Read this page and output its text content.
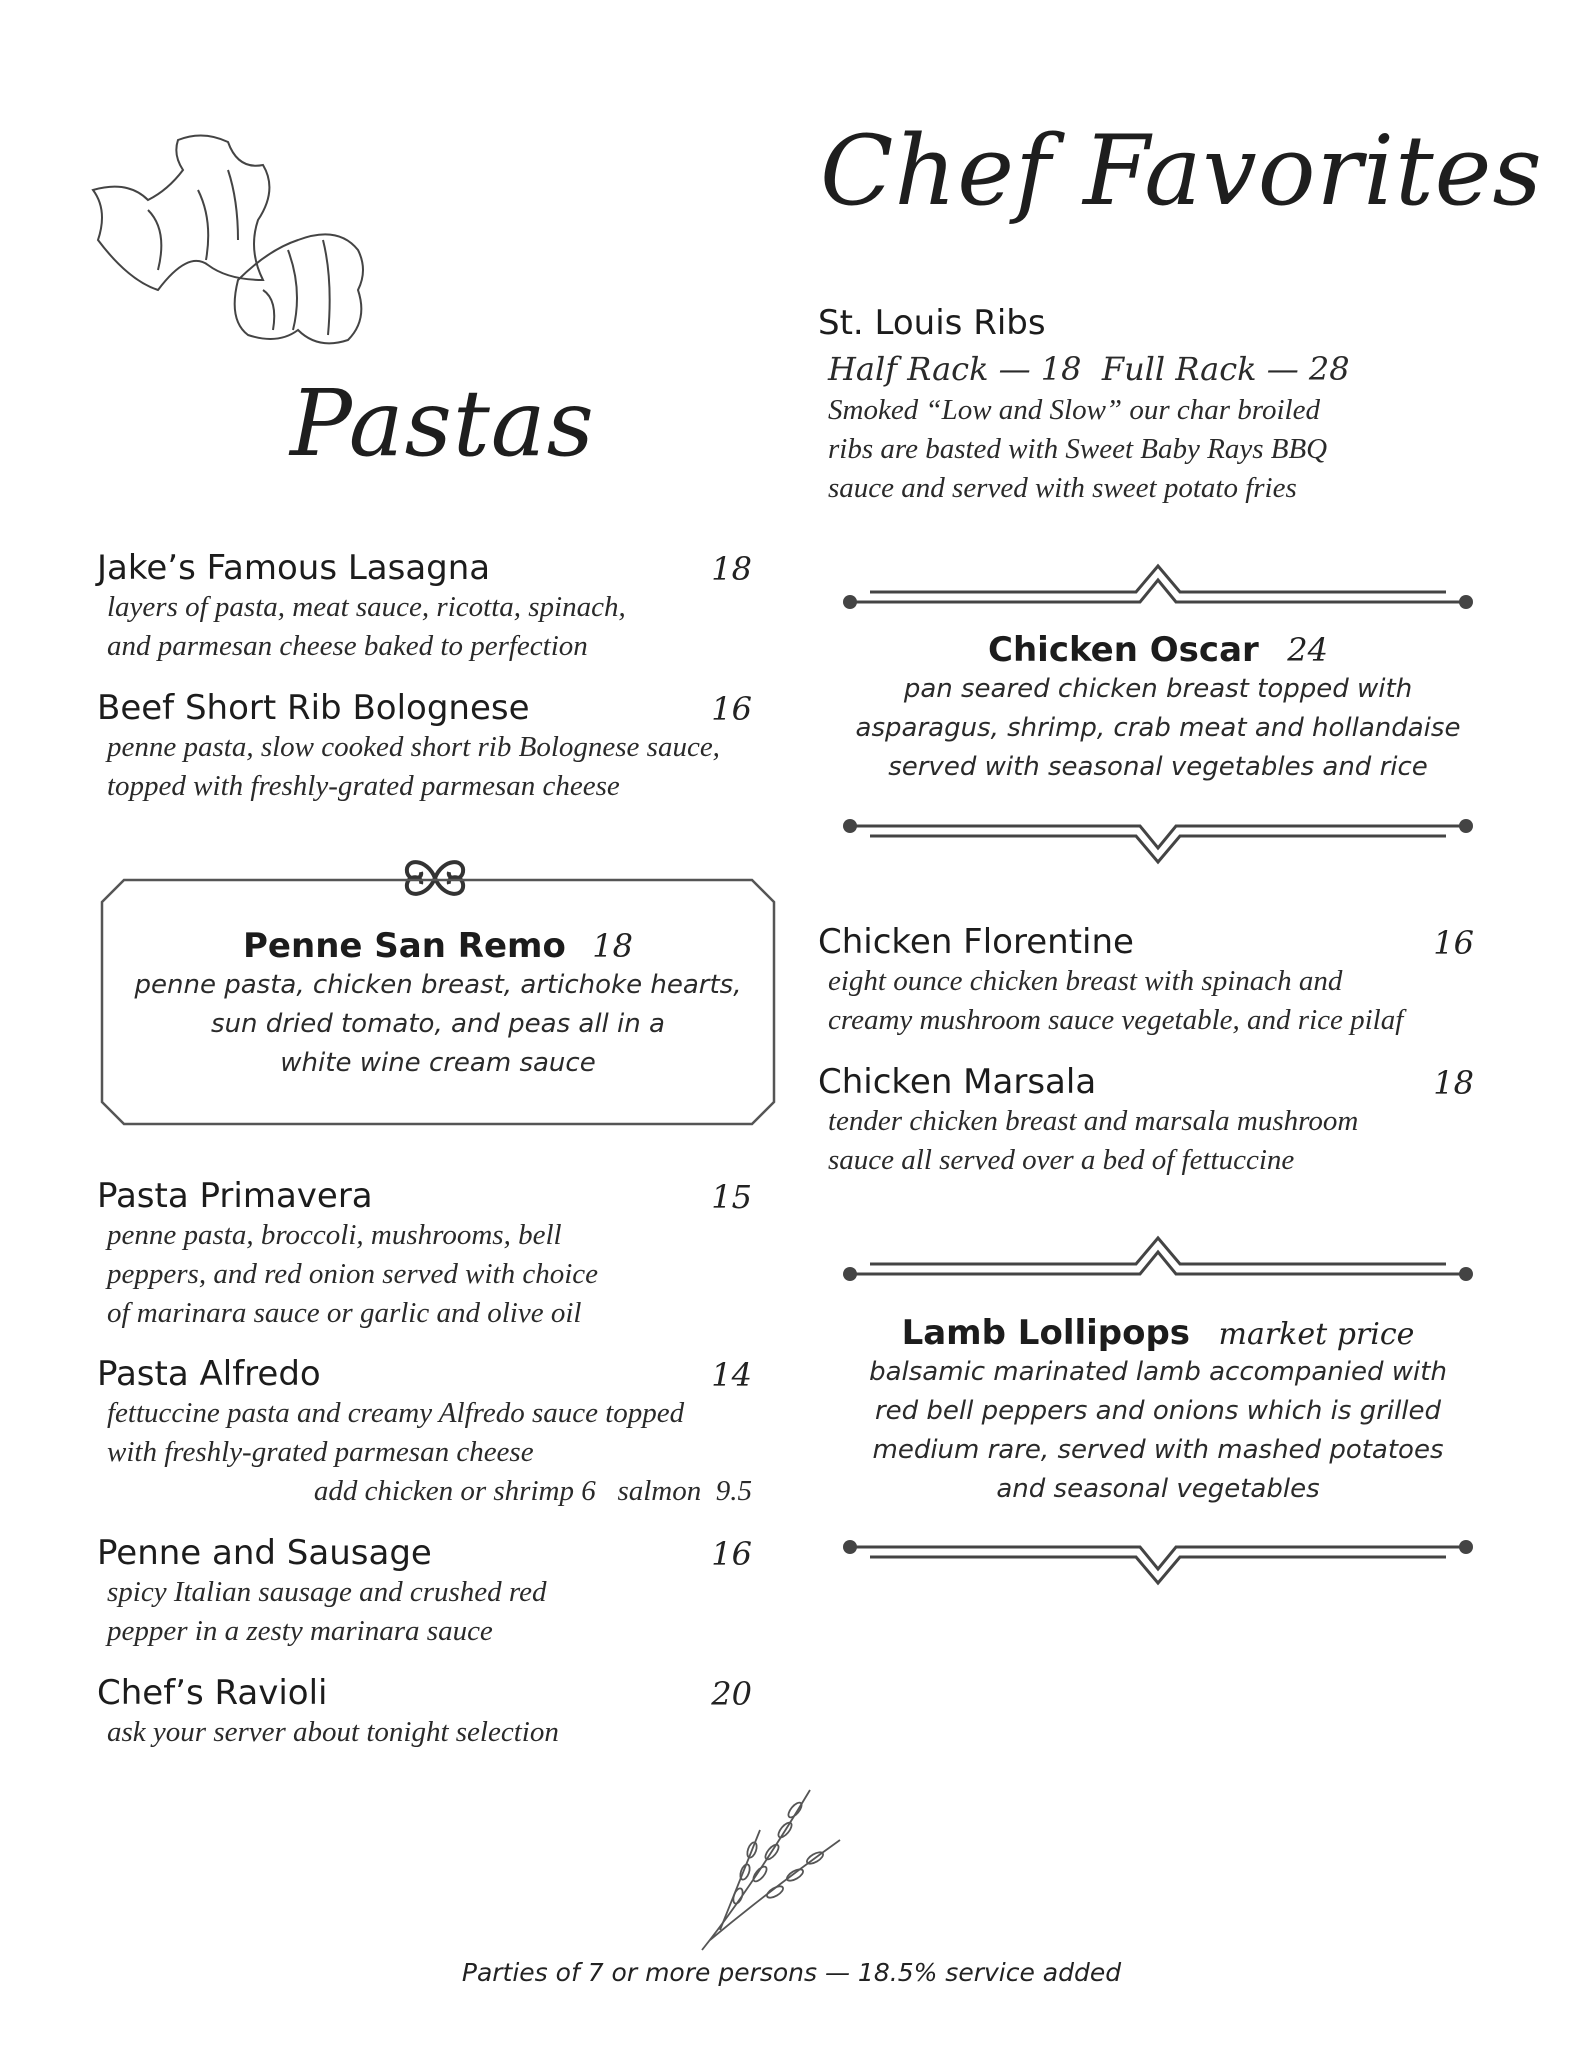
Pastas
Chef Favorites
Jake’s Famous Lasagna	18
layers of pasta, meat sauce, ricotta, spinach,
and parmesan cheese baked to perfection
Beef Short Rib Bolognese	16
penne pasta, slow cooked short rib Bolognese sauce,
topped with freshly-grated parmesan cheese
Penne San Remo 18
penne pasta, chicken breast, artichoke hearts,
sun dried tomato, and peas all in a
white wine cream sauce
Pasta Primavera	15
penne pasta, broccoli, mushrooms, bell
peppers, and red onion served with choice
of marinara sauce or garlic and olive oil
Pasta Alfredo	14
fettuccine pasta and creamy Alfredo sauce topped
with freshly-grated parmesan cheese
add chicken or shrimp 6   salmon  9.5
Penne and Sausage	16
spicy Italian sausage and crushed red
pepper in a zesty marinara sauce
Chef’s Ravioli	20
ask your server about tonight selection
St. Louis Ribs
Half Rack — 18  Full Rack — 28
Smoked “Low and Slow” our char broiled
ribs are basted with Sweet Baby Rays BBQ
sauce and served with sweet potato fries
Chicken Oscar 24
pan seared chicken breast topped with
asparagus, shrimp, crab meat and hollandaise
served with seasonal vegetables and rice
Chicken Florentine	16
eight ounce chicken breast with spinach and
creamy mushroom sauce vegetable, and rice pilaf
Chicken Marsala	18
tender chicken breast and marsala mushroom
sauce all served over a bed of fettuccine
Lamb Lollipops market price
balsamic marinated lamb accompanied with
red bell peppers and onions which is grilled
medium rare, served with mashed potatoes
and seasonal vegetables
Parties of 7 or more persons — 18.5% service added
